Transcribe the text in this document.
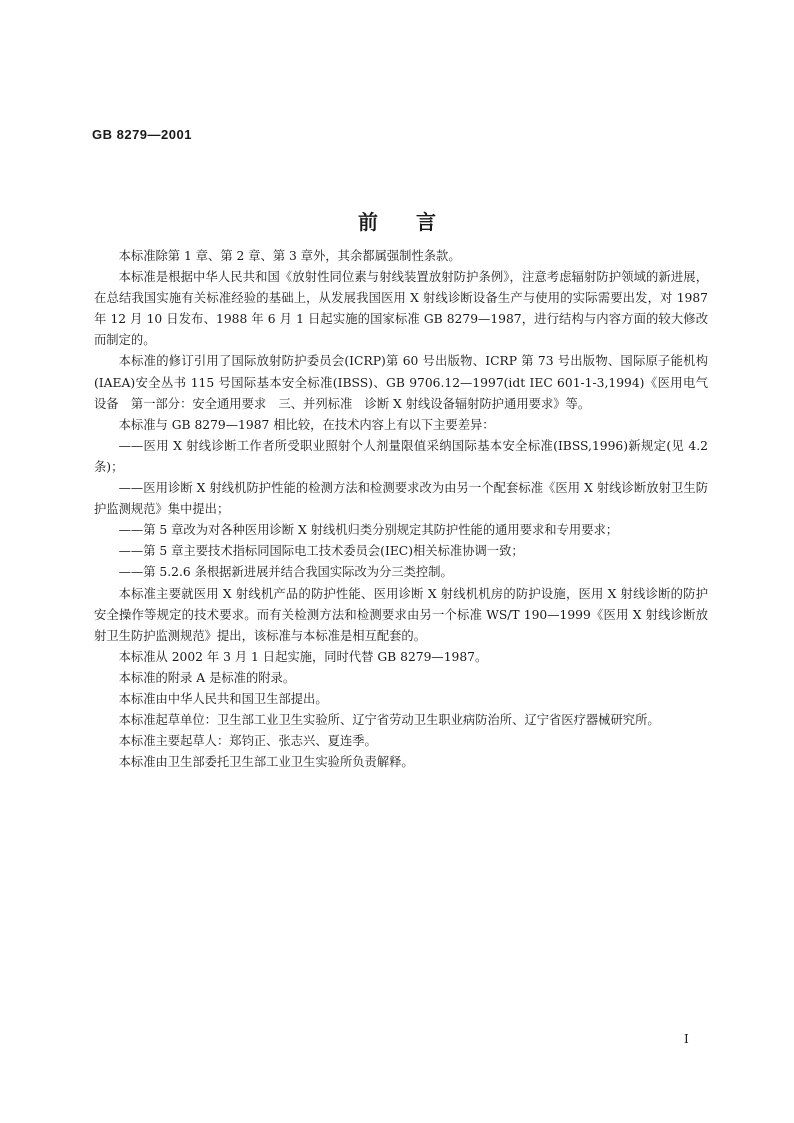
GB 8279—2001
前言

本标准除第 1 章、第 2 章、第 3 章外，其余都属强制性条款。

本标准是根据中华人民共和国《放射性同位素与射线装置放射防护条例》，注意考虑辐射防护领域的新进展，在总结我国实施有关标准经验的基础上，从发展我国医用 X 射线诊断设备生产与使用的实际需要出发，对 1987 年 12 月 10 日发布、1988 年 6 月 1 日起实施的国家标准 GB 8279—1987，进行结构与内容方面的较大修改而制定的。

本标准的修订引用了国际放射防护委员会(ICRP)第 60 号出版物、ICRP 第 73 号出版物、国际原子能机构(IAEA)安全丛书 115 号国际基本安全标准(IBSS)、GB 9706.12—1997(idt IEC 601-1-3,1994)《医用电气设备　第一部分：安全通用要求　三、并列标准　诊断 X 射线设备辐射防护通用要求》等。

本标准与 GB 8279—1987 相比较，在技术内容上有以下主要差异：

——医用 X 射线诊断工作者所受职业照射个人剂量限值采纳国际基本安全标准(IBSS,1996)新规定(见 4.2 条)；

——医用诊断 X 射线机防护性能的检测方法和检测要求改为由另一个配套标准《医用 X 射线诊断放射卫生防护监测规范》集中提出；

——第 5 章改为对各种医用诊断 X 射线机归类分别规定其防护性能的通用要求和专用要求；

——第 5 章主要技术指标同国际电工技术委员会(IEC)相关标准协调一致；

——第 5.2.6 条根据新进展并结合我国实际改为分三类控制。

本标准主要就医用 X 射线机产品的防护性能、医用诊断 X 射线机机房的防护设施，医用 X 射线诊断的防护安全操作等规定的技术要求。而有关检测方法和检测要求由另一个标准 WS/T 190—1999《医用 X 射线诊断放射卫生防护监测规范》提出，该标准与本标准是相互配套的。

本标准从 2002 年 3 月 1 日起实施，同时代替 GB 8279—1987。

本标准的附录 A 是标准的附录。

本标准由中华人民共和国卫生部提出。

本标准起草单位：卫生部工业卫生实验所、辽宁省劳动卫生职业病防治所、辽宁省医疗器械研究所。

本标准主要起草人：郑钧正、张志兴、夏连季。

本标准由卫生部委托卫生部工业卫生实验所负责解释。

I
